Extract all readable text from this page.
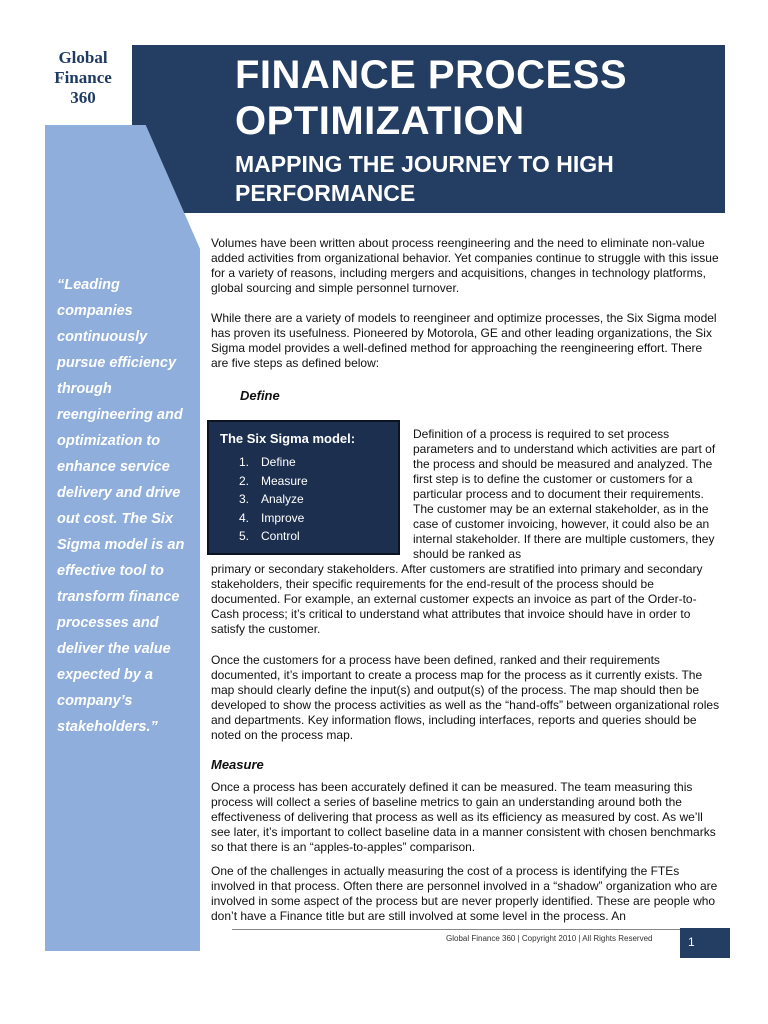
Global
Finance
360
FINANCE PROCESS OPTIMIZATION
MAPPING THE JOURNEY TO HIGH PERFORMANCE
“Leading companies continuously pursue efficiency through reengineering and optimization to enhance service delivery and drive out cost. The Six Sigma model is an effective tool to transform finance processes and deliver the value expected by a company’s stakeholders.”
Volumes have been written about process reengineering and the need to eliminate non-value added activities from organizational behavior. Yet companies continue to struggle with this issue for a variety of reasons, including mergers and acquisitions, changes in technology platforms, global sourcing and simple personnel turnover.
While there are a variety of models to reengineer and optimize processes, the Six Sigma model has proven its usefulness. Pioneered by Motorola, GE and other leading organizations, the Six Sigma model provides a well-defined method for approaching the reengineering effort. There are five steps as defined below:
Define
The Six Sigma model:
1. Define
2. Measure
3. Analyze
4. Improve
5. Control
Definition of a process is required to set process parameters and to understand which activities are part of the process and should be measured and analyzed. The first step is to define the customer or customers for a particular process and to document their requirements. The customer may be an external stakeholder, as in the case of customer invoicing, however, it could also be an internal stakeholder. If there are multiple customers, they should be ranked as
primary or secondary stakeholders. After customers are stratified into primary and secondary stakeholders, their specific requirements for the end-result of the process should be documented. For example, an external customer expects an invoice as part of the Order-to-Cash process; it’s critical to understand what attributes that invoice should have in order to satisfy the customer.
Once the customers for a process have been defined, ranked and their requirements documented, it’s important to create a process map for the process as it currently exists. The map should clearly define the input(s) and output(s) of the process. The map should then be developed to show the process activities as well as the “hand-offs” between organizational roles and departments. Key information flows, including interfaces, reports and queries should be noted on the process map.
Measure
Once a process has been accurately defined it can be measured. The team measuring this process will collect a series of baseline metrics to gain an understanding around both the effectiveness of delivering that process as well as its efficiency as measured by cost. As we’ll see later, it’s important to collect baseline data in a manner consistent with chosen benchmarks so that there is an “apples-to-apples” comparison.
One of the challenges in actually measuring the cost of a process is identifying the FTEs involved in that process. Often there are personnel involved in a “shadow” organization who are involved in some aspect of the process but are never properly identified. These are people who don’t have a Finance title but are still involved at some level in the process. An
Global Finance 360 | Copyright 2010 | All Rights Reserved	1
